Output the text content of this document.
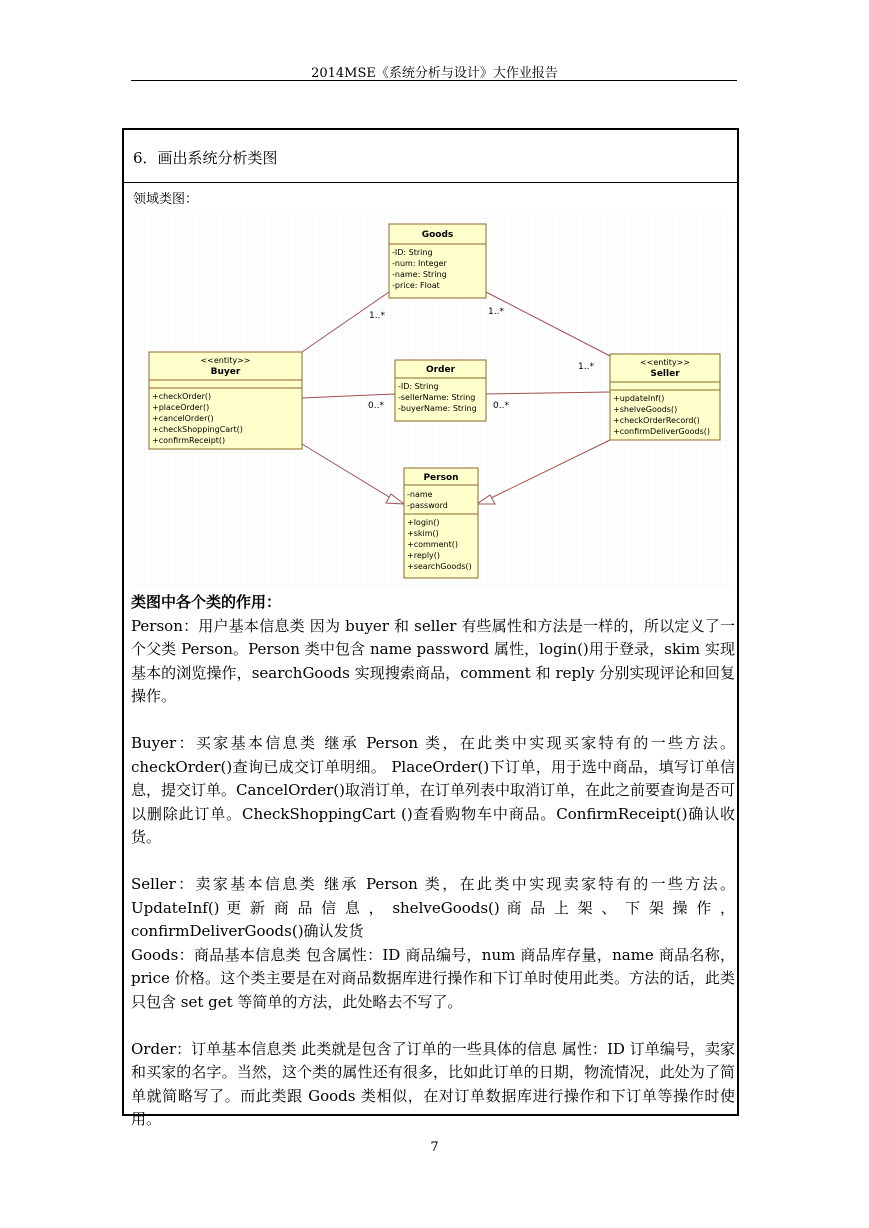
2014MSE《系统分析与设计》大作业报告
6．画出系统分析类图
领域类图：
1..*	1..*
1..*
0..*	0..*
Goods
-ID: String
-num: Integer
-name: String
-price: Float
<<entity>>
Buyer
+checkOrder()
+placeOrder()
+cancelOrder()
+checkShoppingCart()
+confirmReceipt()
Order
-ID: String
-sellerName: String
-buyerName: String
<<entity>>
Seller
+updateInf()
+shelveGoods()
+checkOrderRecord()
+confirmDeliverGoods()
Person
-name
-password
+login()
+skim()
+comment()
+reply()
+searchGoods()
类图中各个类的作用：

Person：用户基本信息类 因为 buyer 和 seller 有些属性和方法是一样的，所以定义了一个父类 Person。Person 类中包含 name password 属性，login()用于登录，skim 实现基本的浏览操作，searchGoods 实现搜索商品，comment 和 reply 分别实现评论和回复操作。

Buyer：买家基本信息类 继承 Person 类，在此类中实现买家特有的一些方法。checkOrder()查询已成交订单明细。 PlaceOrder()下订单，用于选中商品，填写订单信息，提交订单。CancelOrder()取消订单，在订单列表中取消订单，在此之前要查询是否可以删除此订单。CheckShoppingCart ()查看购物车中商品。ConfirmReceipt()确认收货。

Seller：卖家基本信息类 继承 Person 类，在此类中实现卖家特有的一些方法。UpdateInf() 更 新 商 品 信 息 ， shelveGoods() 商 品 上 架 、 下 架 操 作 ， confirmDeliverGoods()确认发货

Goods：商品基本信息类 包含属性：ID 商品编号，num 商品库存量，name 商品名称，price 价格。这个类主要是在对商品数据库进行操作和下订单时使用此类。方法的话，此类只包含 set get 等简单的方法，此处略去不写了。

Order：订单基本信息类 此类就是包含了订单的一些具体的信息 属性：ID 订单编号，卖家和买家的名字。当然，这个类的属性还有很多，比如此订单的日期，物流情况，此处为了简单就简略写了。而此类跟 Goods 类相似，在对订单数据库进行操作和下订单等操作时使用。

7
